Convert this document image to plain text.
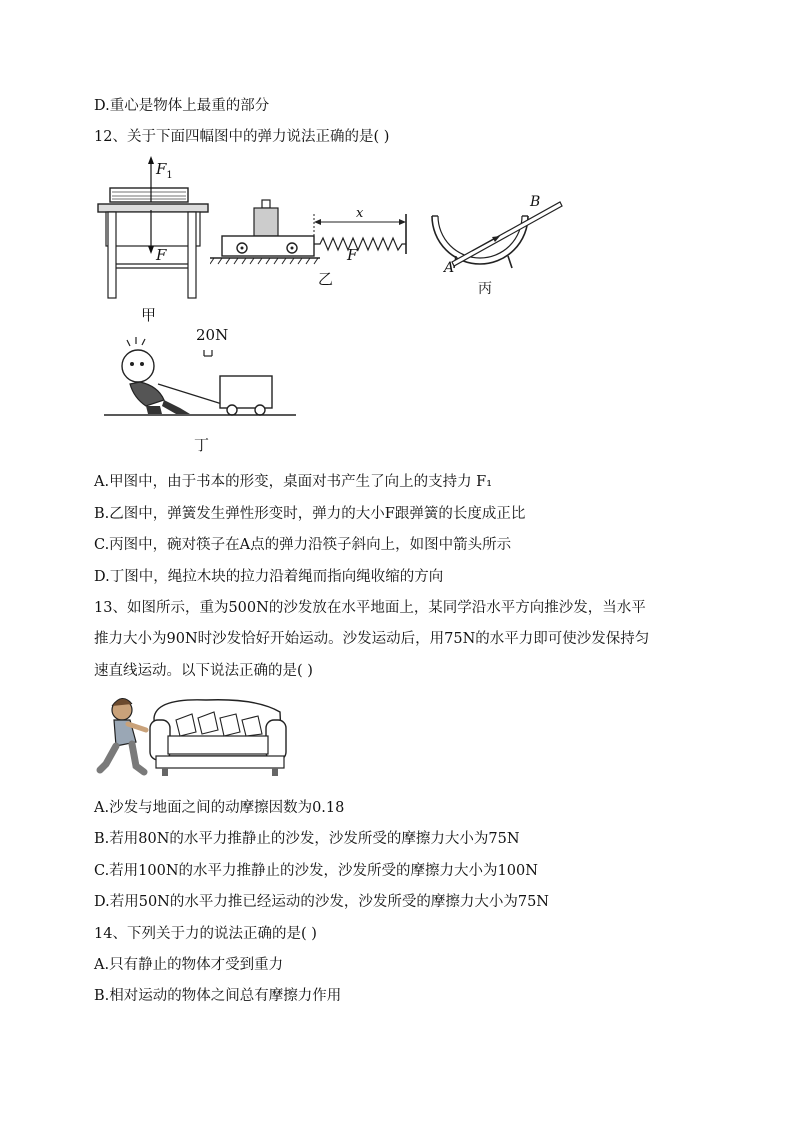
D.重心是物体上最重的部分
12、关于下面四幅图中的弹力说法正确的是( )
$F_1$
F
甲
x
F
乙
A
B
丙
20N
丁
A.甲图中，由于书本的形变，桌面对书产生了向上的支持力 F₁
B.乙图中，弹簧发生弹性形变时，弹力的大小F跟弹簧的长度成正比
C.丙图中，碗对筷子在A点的弹力沿筷子斜向上，如图中箭头所示
D.丁图中，绳拉木块的拉力沿着绳而指向绳收缩的方向
13、如图所示，重为500N的沙发放在水平地面上，某同学沿水平方向推沙发，当水平
推力大小为90N时沙发恰好开始运动。沙发运动后，用75N的水平力即可使沙发保持匀
速直线运动。以下说法正确的是( )
A.沙发与地面之间的动摩擦因数为0.18
B.若用80N的水平力推静止的沙发，沙发所受的摩擦力大小为75N
C.若用100N的水平力推静止的沙发，沙发所受的摩擦力大小为100N
D.若用50N的水平力推已经运动的沙发，沙发所受的摩擦力大小为75N
14、下列关于力的说法正确的是( )
A.只有静止的物体才受到重力
B.相对运动的物体之间总有摩擦力作用
